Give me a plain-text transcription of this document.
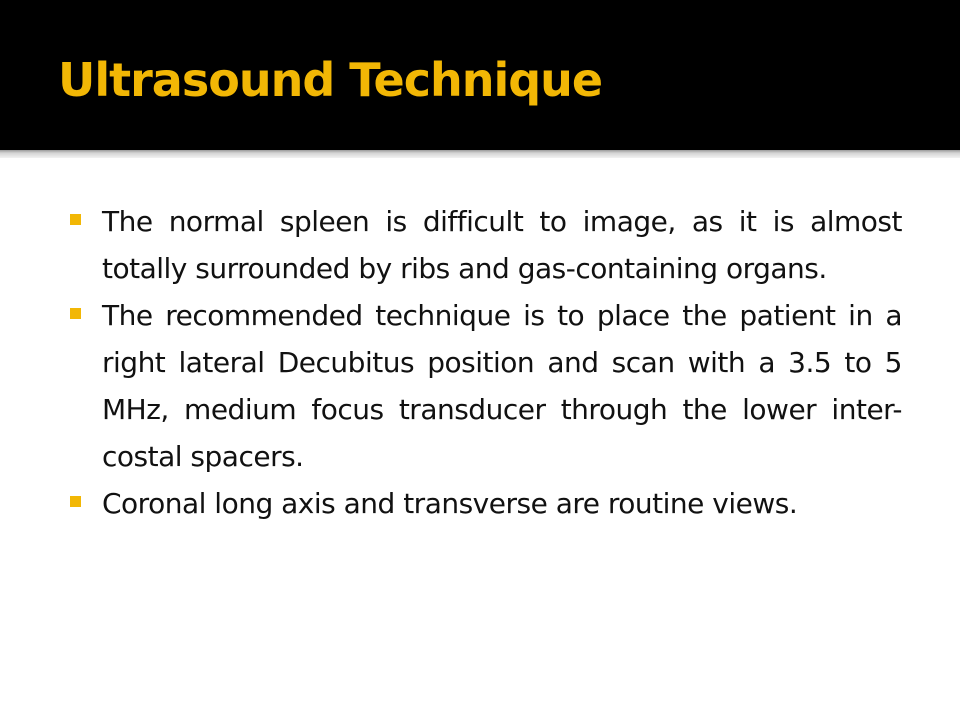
Ultrasound Technique
The normal spleen is difficult to image, as it is almost totally surrounded by ribs and gas-containing organs.
The recommended technique is to place the patient in a right lateral Decubitus position and scan with a 3.5 to 5 MHz, medium focus transducer through the lower inter-costal spacers.
Coronal long axis and transverse are routine views.
